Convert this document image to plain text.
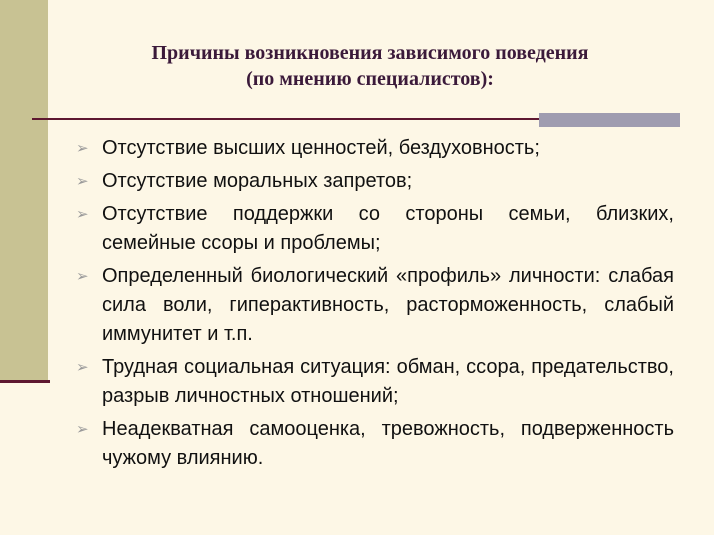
Причины возникновения зависимого поведения
(по мнению специалистов):
➢ Отсутствие высших ценностей, бездуховность;
➢ Отсутствие моральных запретов;
➢ Отсутствие поддержки со стороны семьи, близких, семейные ссоры и проблемы;
➢ Определенный биологический «профиль» личности: слабая сила воли, гиперактивность, расторможенность, слабый иммунитет и т.п.
➢ Трудная социальная ситуация: обман, ссора, предательство, разрыв личностных отношений;
➢ Неадекватная самооценка, тревожность, подверженность чужому влиянию.
